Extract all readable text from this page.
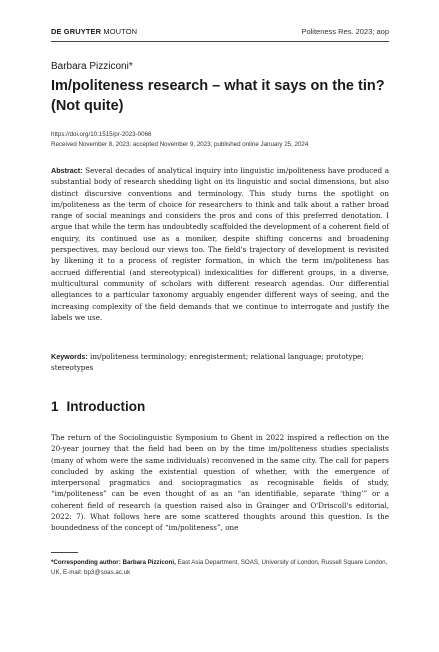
DE GRUYTER MOUTON	Politeness Res. 2023; aop
Barbara Pizziconi*
Im/politeness research – what it says on the tin? (Not quite)
https://doi.org/10.1515/pr-2023-0066
Received November 8, 2023; accepted November 9, 2023; published online January 25, 2024

Abstract: Several decades of analytical inquiry into linguistic im/politeness have produced a substantial body of research shedding light on its linguistic and social dimensions, but also distinct discursive conventions and terminology. This study turns the spotlight on im/politeness as the term of choice for researchers to think and talk about a rather broad range of social meanings and considers the pros and cons of this preferred denotation. I argue that while the term has undoubtedly scaffolded the development of a coherent field of enquiry, its continued use as a moniker, despite shifting concerns and broadening perspectives, may becloud our views too. The field's trajectory of development is revisited by likening it to a process of register formation, in which the term im/politeness has accrued differential (and stereotypical) indexicalities for different groups, in a diverse, multicultural community of scholars with different research agendas. Our differential allegiances to a particular taxonomy arguably engender different ways of seeing, and the increasing complexity of the field demands that we continue to interrogate and justify the labels we use.

Keywords: im/politeness terminology; enregisterment; relational language; prototype; stereotypes

1 Introduction

The return of the Sociolinguistic Symposium to Ghent in 2022 inspired a reflection on the 20-year journey that the field had been on by the time im/politeness studies specialists (many of whom were the same individuals) reconvened in the same city. The call for papers concluded by asking the existential question of whether, with the emergence of interpersonal pragmatics and sociopragmatics as recognisable fields of study, “im/politeness” can be even thought of as an “an identifiable, separate ‘thing’” or a coherent field of research (a question raised also in Grainger and O'Driscoll's editorial, 2022: 7). What follows here are some scattered thoughts around this question. Is the boundedness of the concept of “im/politeness”, one

*Corresponding author: Barbara Pizziconi, East Asia Department, SOAS, University of London, Russell Square London, UK, E-mail: bp3@soas.ac.uk
